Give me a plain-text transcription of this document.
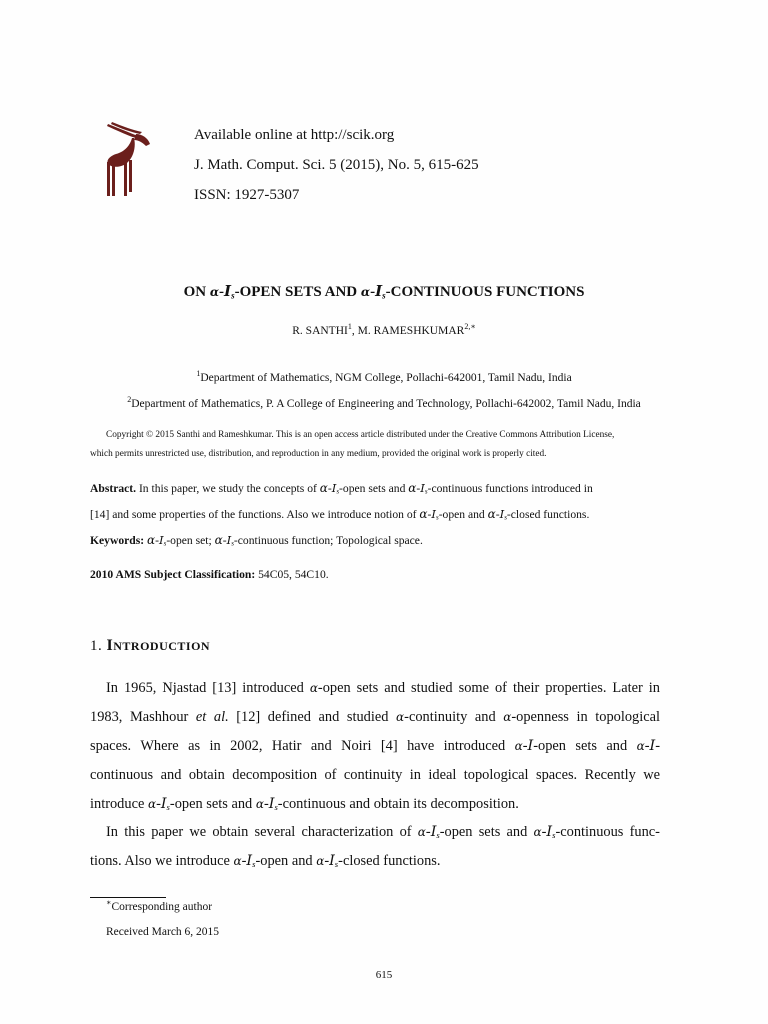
Available online at http://scik.org
J. Math. Comput. Sci. 5 (2015), No. 5, 615-625
ISSN: 1927-5307
ON $\alpha-I_s$-OPEN SETS AND $\alpha-I_s$-CONTINUOUS FUNCTIONS
R. SANTHI$^1$, M. $RAMESHKUMAR^{2,∗}$
$^1$Department of Mathematics, NGM College, Pollachi-642001, Tamil Nadu, India
$^2$Department of Mathematics, P. A College of Engineering and Technology, Pollachi-642002, Tamil Nadu, India
Copyright © 2015 Santhi and Rameshkumar. This is an open access article distributed under the Creative Commons Attribution License,
which permits unrestricted use, distribution, and reproduction in any medium, provided the original work is properly cited.
Abstract. In this paper, we study the concepts of $\alpha-I_s$-open sets and $\alpha-I_s$-continuous functions introduced in
[14] and some properties of the functions. Also we introduce notion of $\alpha-I_s$-open and $\alpha-I_s$-closed functions.
Keywords: $\alpha-I_s$-open set; $\alpha-I_s$-continuous function; Topological space.
2010 AMS Subject Classification: 54C05, 54C10.
1. INTRODUCTION
In 1965, Njastad [13] introduced α-open sets and studied some of their properties. Later in
1983, Mashhour et al. [12] defined and studied α-continuity and α-openness in topological
spaces. Where as in 2002, Hatir and Noiri [4] have introduced α-I-open sets and α-I-
continuous and obtain decomposition of continuity in ideal topological spaces. Recently we
introduce $\alpha-I_s$-open sets and $\alpha-I_s$-continuous and obtain its decomposition.
In this paper we obtain several characterization of $\alpha-I_s$-open sets and $\alpha-I_s$-continuous func-
tions. Also we introduce $\alpha-I_s$-open and $\alpha-I_s$-closed functions.
∗Corresponding author
Received March 6, 2015
615
